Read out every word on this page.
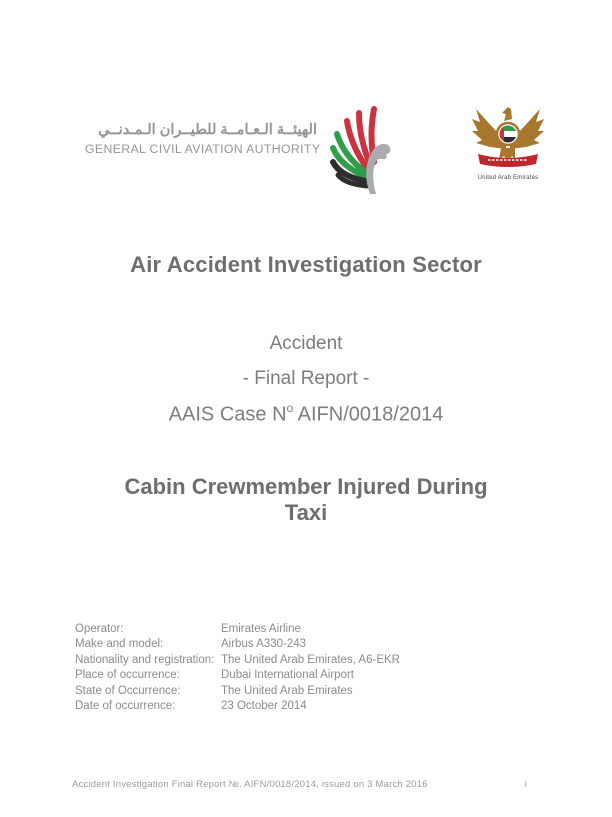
الهيئــة الـعـامــة للطيــران الـمـدنــي
GENERAL CIVIL AVIATION AUTHORITY
United Arab Emirates
Air Accident Investigation Sector
Accident
- Final Report -
AAIS Case $N^o$ AIFN/0018/2014
Cabin Crewmember Injured During
Taxi
Operator:	Emirates Airline
Make and model:	Airbus A330-243
Nationality and registration: The United Arab Emirates, A6-EKR
Place of occurrence:	Dubai International Airport
State of Occurrence:	The United Arab Emirates
Date of occurrence:	23 October 2014
Accident Investigation Final Report №. AIFN/0018/2014, issued on 3 March 2016	i
